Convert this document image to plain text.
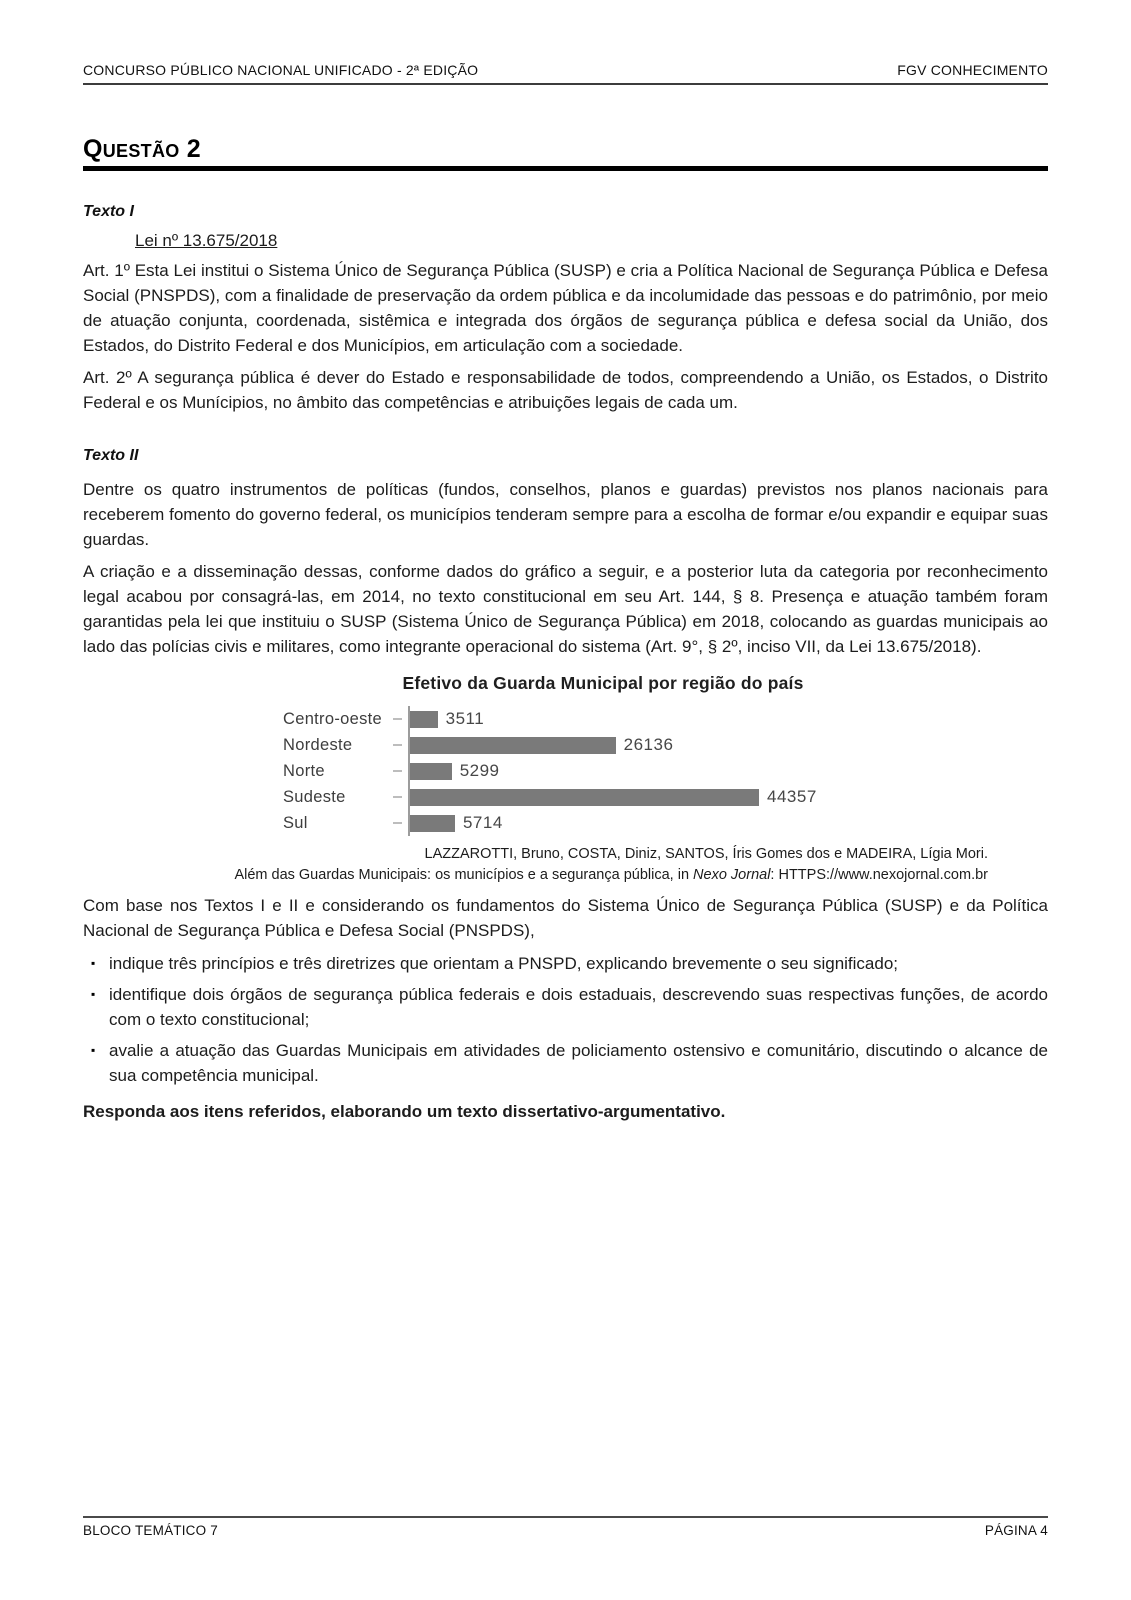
CONCURSO PÚBLICO NACIONAL UNIFICADO - 2ª EDIÇÃO	FGV CONHECIMENTO
Questão 2
Texto I
Lei nº 13.675/2018

Art. 1º Esta Lei institui o Sistema Único de Segurança Pública (SUSP) e cria a Política Nacional de Segurança Pública e Defesa Social (PNSPDS), com a finalidade de preservação da ordem pública e da incolumidade das pessoas e do patrimônio, por meio de atuação conjunta, coordenada, sistêmica e integrada dos órgãos de segurança pública e defesa social da União, dos Estados, do Distrito Federal e dos Municípios, em articulação com a sociedade.

Art. 2º A segurança pública é dever do Estado e responsabilidade de todos, compreendendo a União, os Estados, o Distrito Federal e os Munícipios, no âmbito das competências e atribuições legais de cada um.

Texto II

Dentre os quatro instrumentos de políticas (fundos, conselhos, planos e guardas) previstos nos planos nacionais para receberem fomento do governo federal, os municípios tenderam sempre para a escolha de formar e/ou expandir e equipar suas guardas.

A criação e a disseminação dessas, conforme dados do gráfico a seguir, e a posterior luta da categoria por reconhecimento legal acabou por consagrá-las, em 2014, no texto constitucional em seu Art. 144, § 8. Presença e atuação também foram garantidas pela lei que instituiu o SUSP (Sistema Único de Segurança Pública) em 2018, colocando as guardas municipais ao lado das polícias civis e militares, como integrante operacional do sistema (Art. 9°, § 2º, inciso VII, da Lei 13.675/2018).

Efetivo da Guarda Municipal por região do país
Centro-oeste	3511
Nordeste	26136
Norte	5299
Sudeste	44357
Sul	5714
LAZZAROTTI, Bruno, COSTA, Diniz, SANTOS, Íris Gomes dos e MADEIRA, Lígia Mori.
Além das Guardas Municipais: os municípios e a segurança pública, in Nexo Jornal: HTTPS://www.nexojornal.com.br

Com base nos Textos I e II e considerando os fundamentos do Sistema Único de Segurança Pública (SUSP) e da Política Nacional de Segurança Pública e Defesa Social (PNSPDS),

▪ indique três princípios e três diretrizes que orientam a PNSPD, explicando brevemente o seu significado;
▪ identifique dois órgãos de segurança pública federais e dois estaduais, descrevendo suas respectivas funções, de acordo com o texto constitucional;
▪ avalie a atuação das Guardas Municipais em atividades de policiamento ostensivo e comunitário, discutindo o alcance de sua competência municipal.

Responda aos itens referidos, elaborando um texto dissertativo-argumentativo.

BLOCO TEMÁTICO 7	PÁGINA 4
